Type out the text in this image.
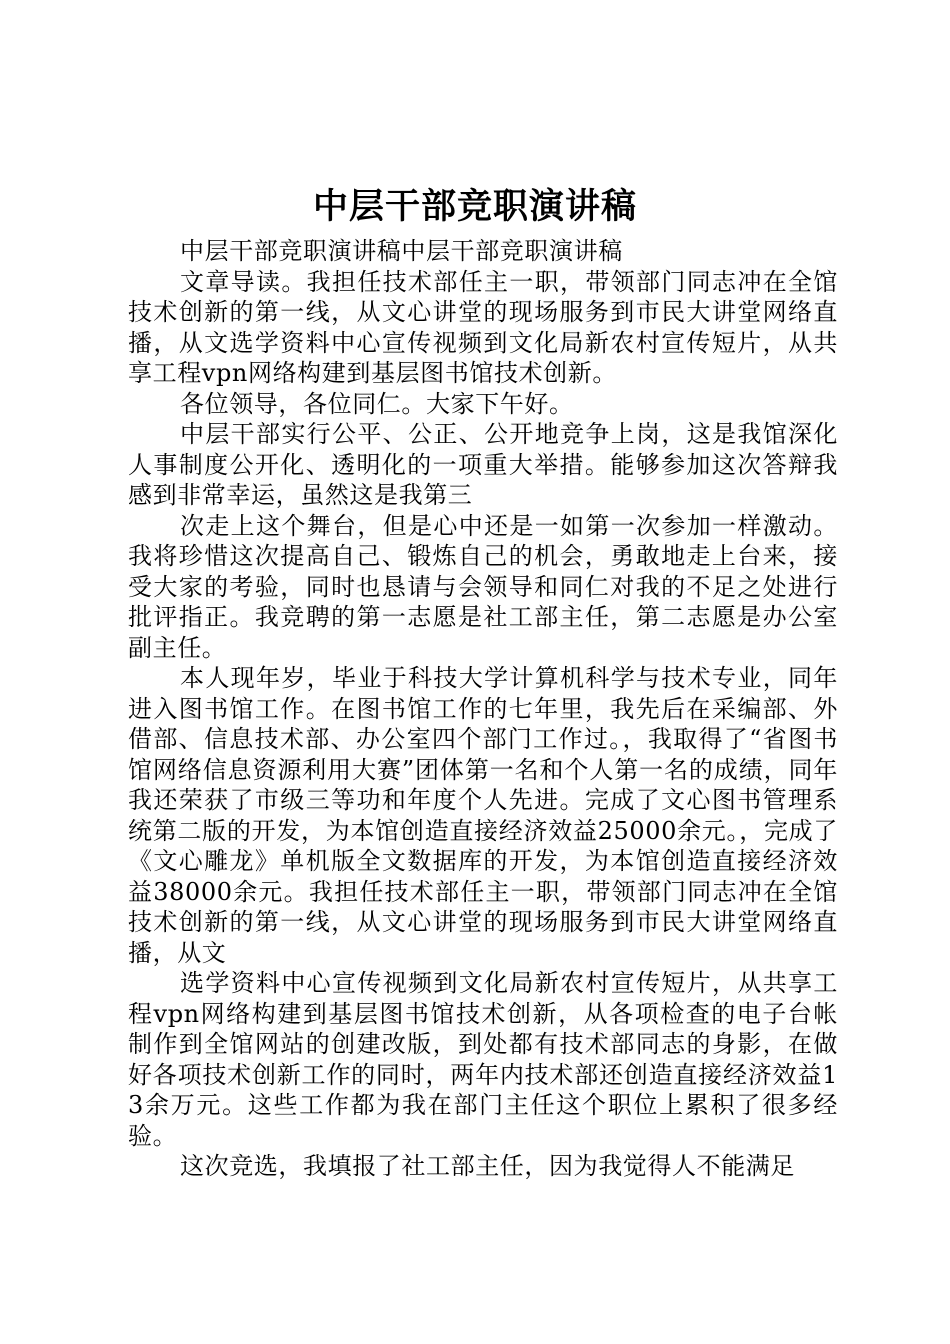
中层干部竞职演讲稿

中层干部竞职演讲稿中层干部竞职演讲稿

文章导读。我担任技术部任主一职，带领部门同志冲在全馆技术创新的第一线，从文心讲堂的现场服务到市民大讲堂网络直播，从文选学资料中心宣传视频到文化局新农村宣传短片，从共享工程vpn网络构建到基层图书馆技术创新。

各位领导，各位同仁。大家下午好。

中层干部实行公平、公正、公开地竞争上岗，这是我馆深化人事制度公开化、透明化的一项重大举措。能够参加这次答辩我感到非常幸运，虽然这是我第三

次走上这个舞台，但是心中还是一如第一次参加一样激动。我将珍惜这次提高自己、锻炼自己的机会，勇敢地走上台来，接受大家的考验，同时也恳请与会领导和同仁对我的不足之处进行批评指正。我竞聘的第一志愿是社工部主任，第二志愿是办公室副主任。

本人现年岁，毕业于科技大学计算机科学与技术专业，同年进入图书馆工作。在图书馆工作的七年里，我先后在采编部、外借部、信息技术部、办公室四个部门工作过。，我取得了“省图书馆网络信息资源利用大赛”团体第一名和个人第一名的成绩，同年我还荣获了市级三等功和年度个人先进。完成了文心图书管理系统第二版的开发，为本馆创造直接经济效益25000余元。，完成了《文心雕龙》单机版全文数据库的开发，为本馆创造直接经济效益38000余元。我担任技术部任主一职，带领部门同志冲在全馆技术创新的第一线，从文心讲堂的现场服务到市民大讲堂网络直播，从文

选学资料中心宣传视频到文化局新农村宣传短片，从共享工程vpn网络构建到基层图书馆技术创新，从各项检查的电子台帐制作到全馆网站的创建改版，到处都有技术部同志的身影，在做好各项技术创新工作的同时，两年内技术部还创造直接经济效益13余万元。这些工作都为我在部门主任这个职位上累积了很多经验。

这次竞选，我填报了社工部主任，因为我觉得人不能满足
